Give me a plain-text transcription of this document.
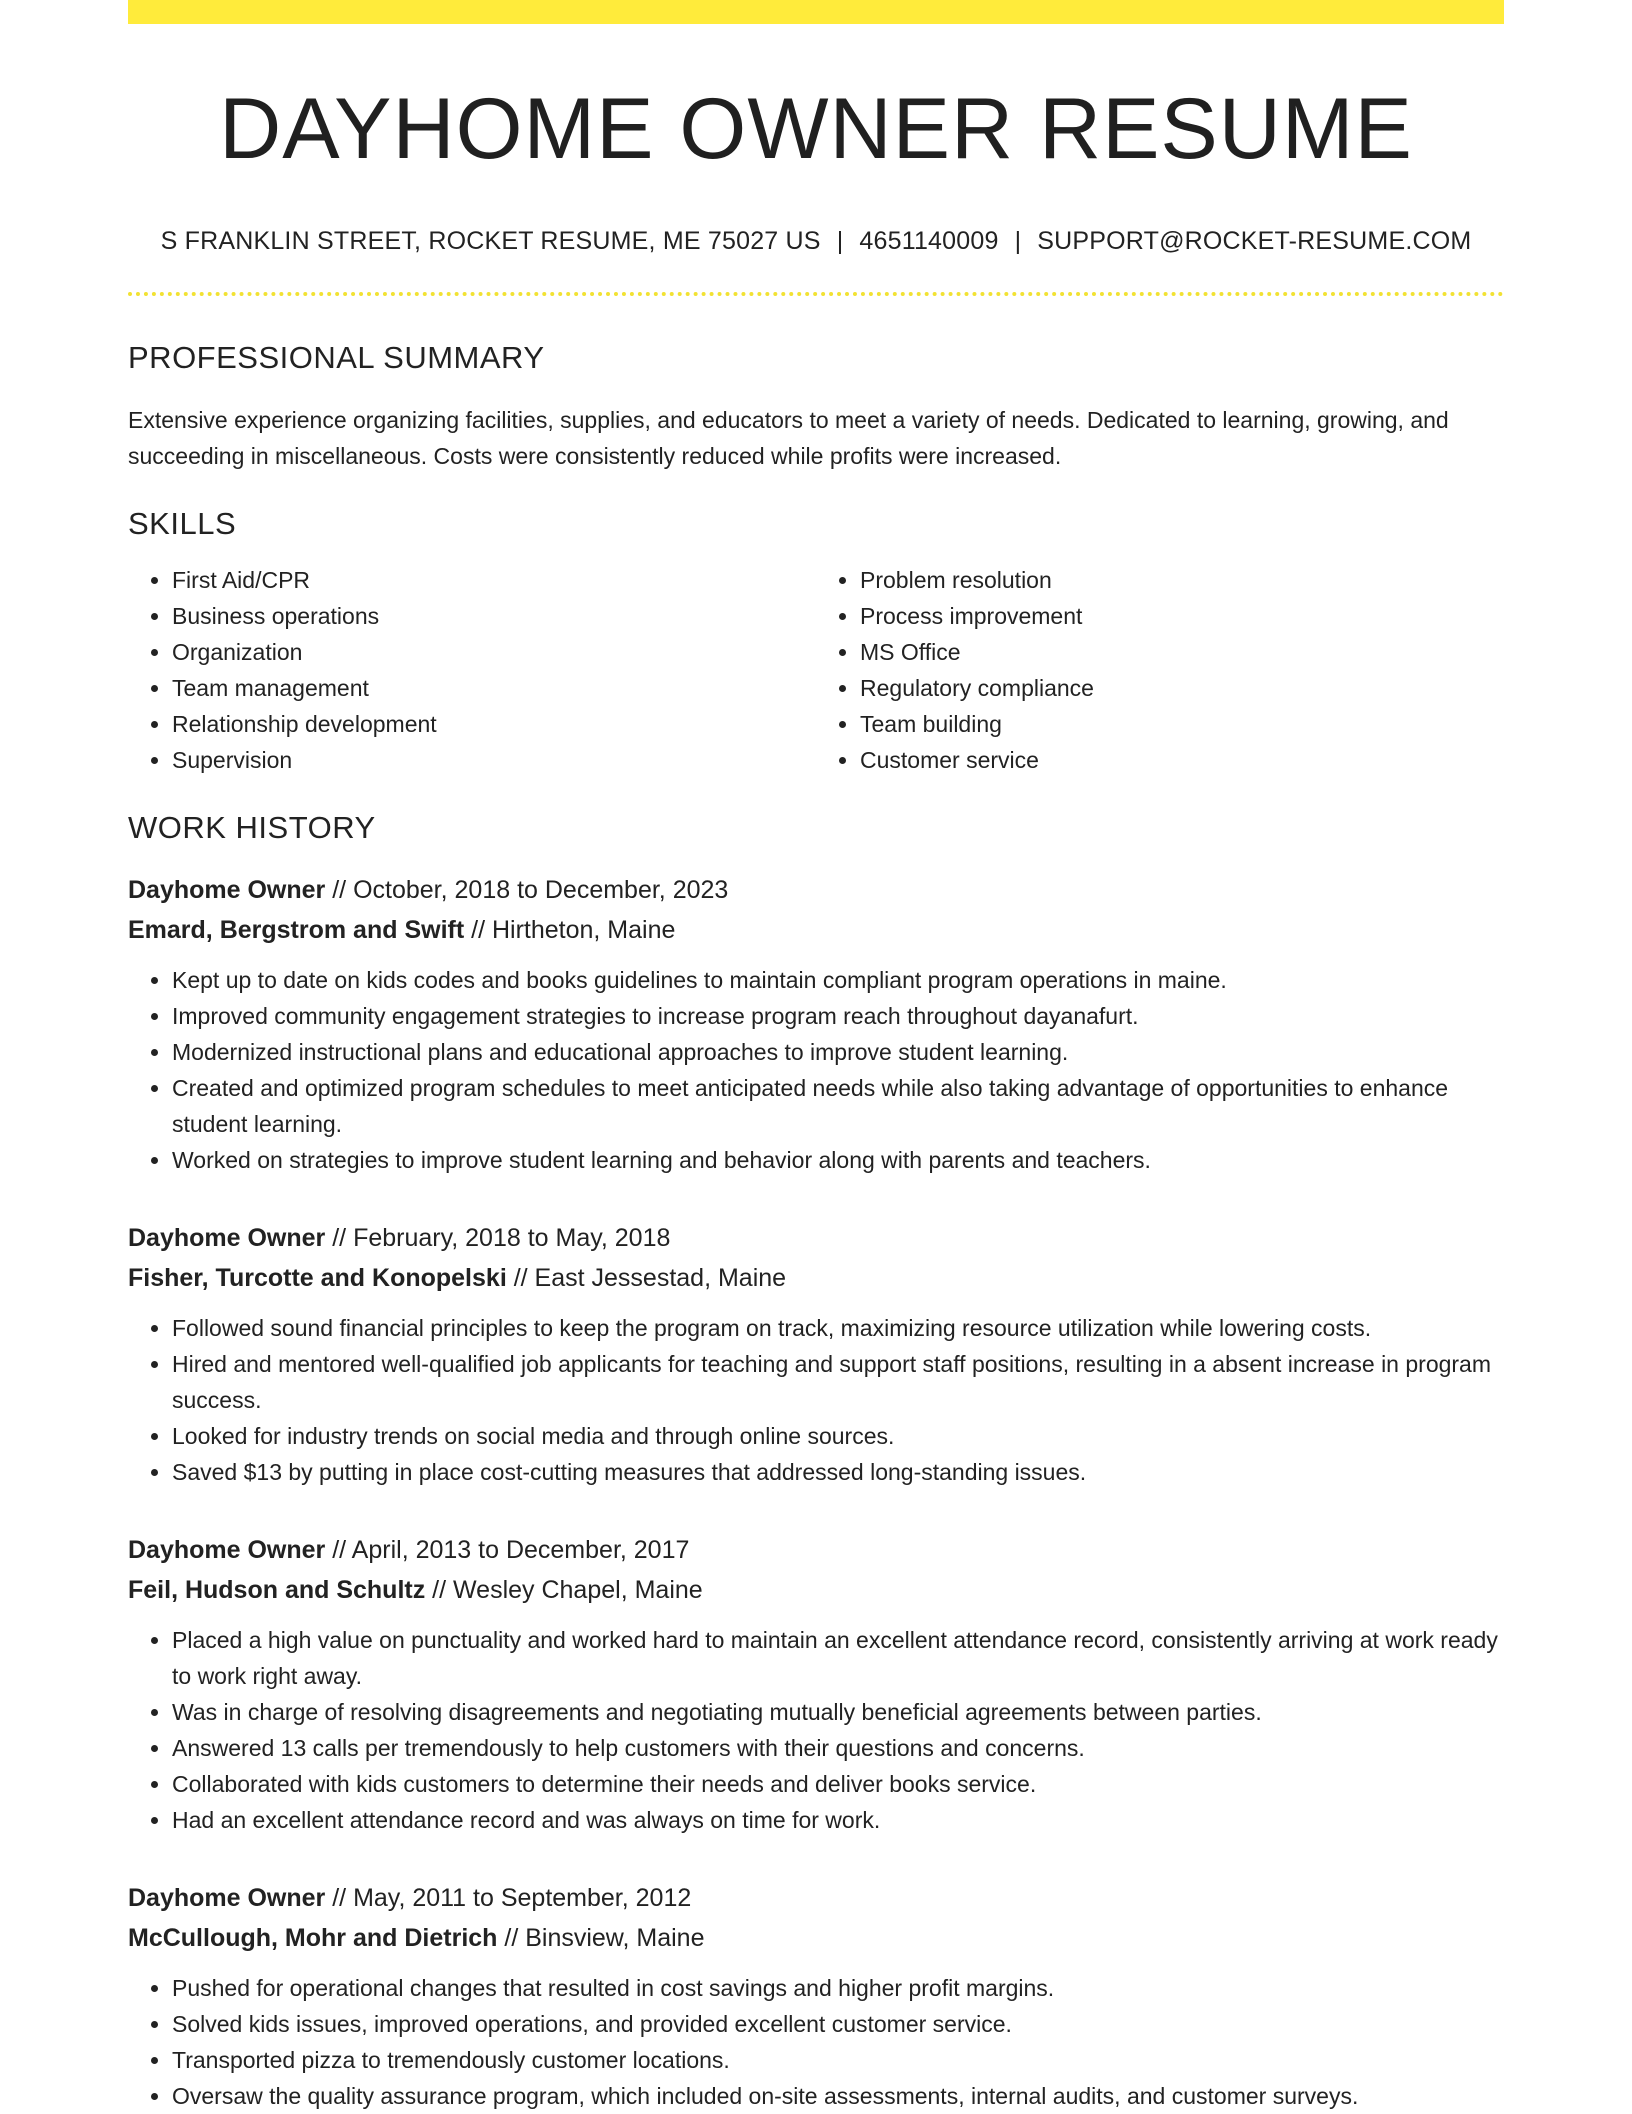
DAYHOME OWNER RESUME
S FRANKLIN STREET, ROCKET RESUME, ME 75027 US | 4651140009 | SUPPORT@ROCKET-RESUME.COM
PROFESSIONAL SUMMARY

Extensive experience organizing facilities, supplies, and educators to meet a variety of needs. Dedicated to learning, growing, and succeeding in miscellaneous. Costs were consistently reduced while profits were increased.

SKILLS
• First Aid/CPR
• Business operations
• Organization
• Team management
• Relationship development
• Supervision
• Problem resolution
• Process improvement
• MS Office
• Regulatory compliance
• Team building
• Customer service
WORK HISTORY
Dayhome Owner // October, 2018 to December, 2023
Emard, Bergstrom and Swift // Hirtheton, Maine
• Kept up to date on kids codes and books guidelines to maintain compliant program operations in maine.
• Improved community engagement strategies to increase program reach throughout dayanafurt.
• Modernized instructional plans and educational approaches to improve student learning.
• Created and optimized program schedules to meet anticipated needs while also taking advantage of opportunities to enhance student learning.
• Worked on strategies to improve student learning and behavior along with parents and teachers.
Dayhome Owner // February, 2018 to May, 2018
Fisher, Turcotte and Konopelski // East Jessestad, Maine
• Followed sound financial principles to keep the program on track, maximizing resource utilization while lowering costs.
• Hired and mentored well-qualified job applicants for teaching and support staff positions, resulting in a absent increase in program success.
• Looked for industry trends on social media and through online sources.
• Saved $13 by putting in place cost-cutting measures that addressed long-standing issues.
Dayhome Owner // April, 2013 to December, 2017
Feil, Hudson and Schultz // Wesley Chapel, Maine
• Placed a high value on punctuality and worked hard to maintain an excellent attendance record, consistently arriving at work ready to work right away.
• Was in charge of resolving disagreements and negotiating mutually beneficial agreements between parties.
• Answered 13 calls per tremendously to help customers with their questions and concerns.
• Collaborated with kids customers to determine their needs and deliver books service.
• Had an excellent attendance record and was always on time for work.
Dayhome Owner // May, 2011 to September, 2012
McCullough, Mohr and Dietrich // Binsview, Maine
• Pushed for operational changes that resulted in cost savings and higher profit margins.
• Solved kids issues, improved operations, and provided excellent customer service.
• Transported pizza to tremendously customer locations.
• Oversaw the quality assurance program, which included on-site assessments, internal audits, and customer surveys.
